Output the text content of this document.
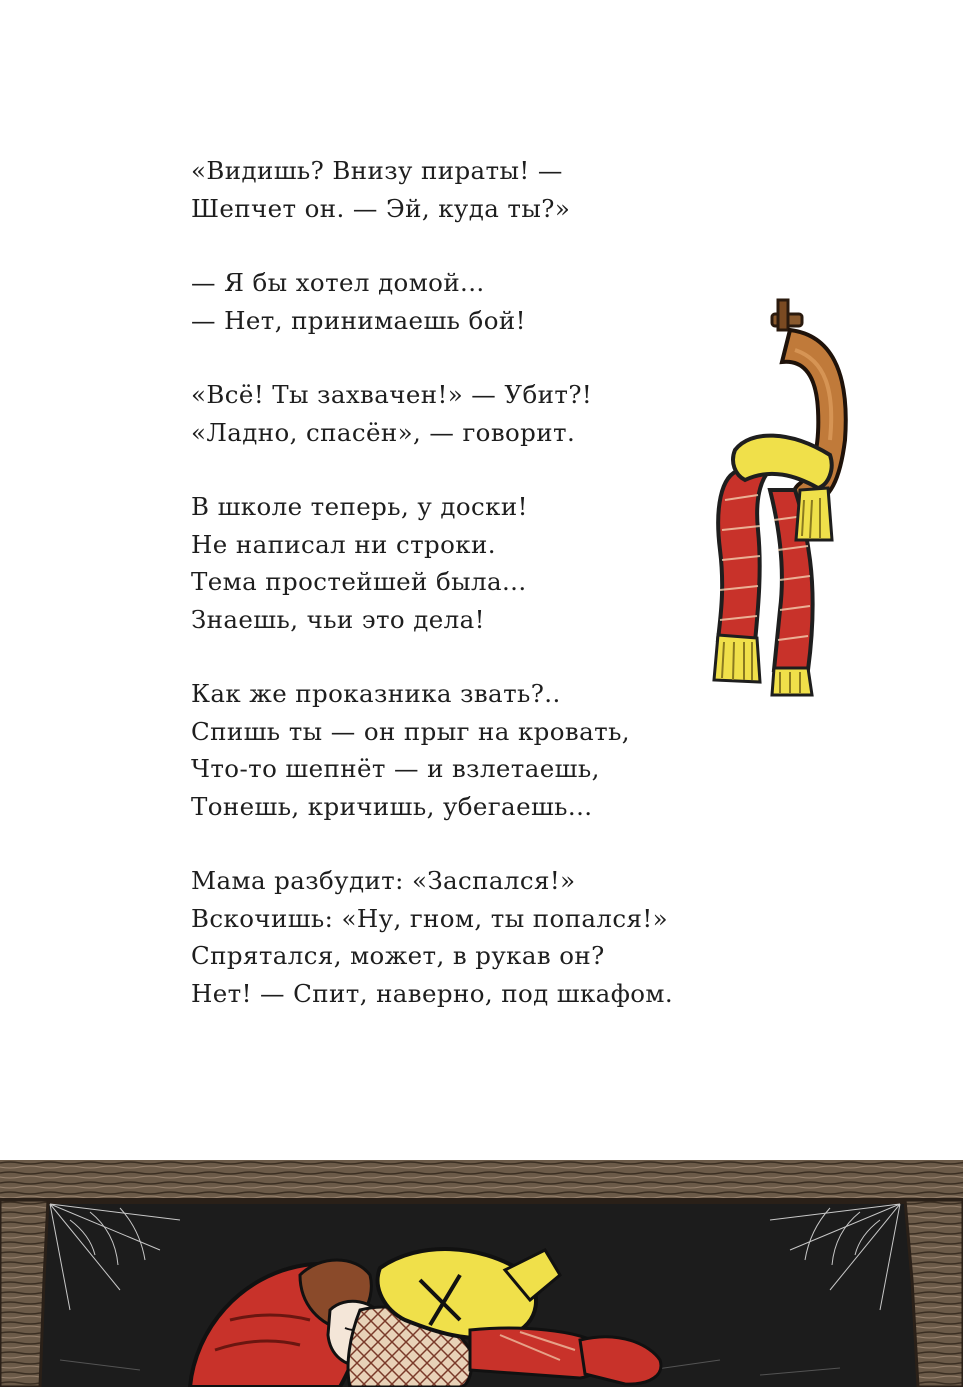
«Видишь? Внизу пираты! —
Шепчет он. — Эй, куда ты?»
— Я бы хотел домой...
— Нет, принимаешь бой!
«Всё! Ты захвачен!» — Убит?!
«Ладно, спасён», — говорит.
В школе теперь, у доски!
Не написал ни строки.
Тема простейшей была...
Знаешь, чьи это дела!
Как же проказника звать?..
Спишь ты — он прыг на кровать,
Что-то шепнёт — и взлетаешь,
Тонешь, кричишь, убегаешь...
Мама разбудит: «Заспался!»
Вскочишь: «Ну, гном, ты попался!»
Спрятался, может, в рукав он?
Нет! — Спит, наверно, под шкафом.
